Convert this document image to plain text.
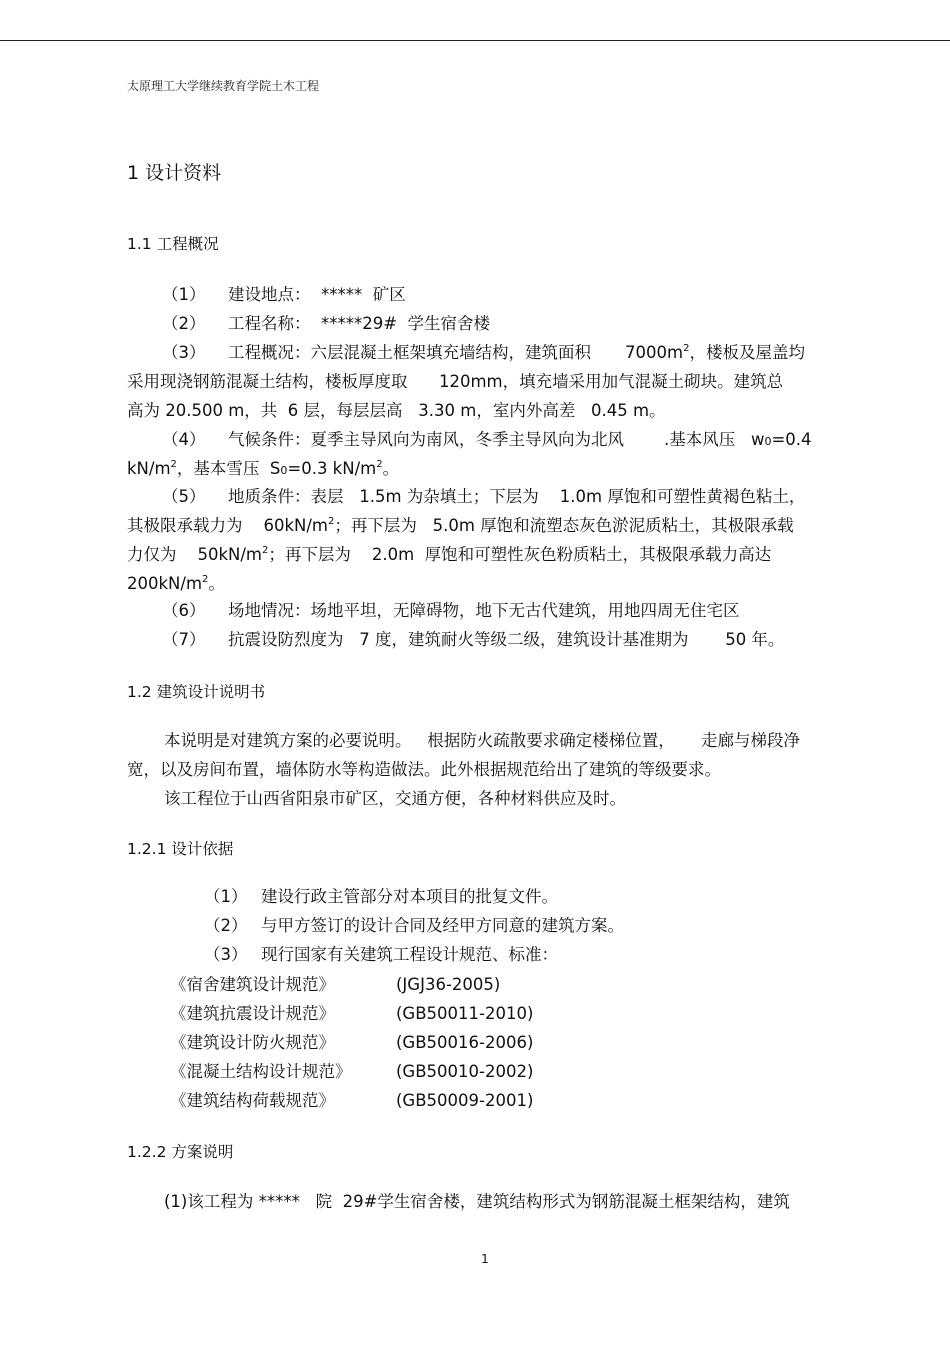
太原理工大学继续教育学院土木工程
1 设计资料
1.1 工程概况
（1） 建设地点：  *****  矿区
（2） 工程名称：  *****29#  学生宿舍楼
（3） 工程概况：六层混凝土框架填充墙结构，建筑面积 $7000m^2$，楼板及屋盖均
采用现浇钢筋混凝土结构，楼板厚度取      120mm，填充墙采用加气混凝土砌块。建筑总
高为 20.500 m，共  6 层，每层层高   3.30 m，室内外高差   0.45 m。
（4） 气候条件：夏季主导风向为南风，冬季主导风向为北风 .基本风压   w0=0.4
$kN/m^2$，基本雪压  S0=0.3 $kN/m^2$。
（5） 地质条件：表层   1.5m 为杂填土；下层为    1.0m 厚饱和可塑性黄褐色粘土，
其极限承载力为    $60kN/m^2$；再下层为   5.0m 厚饱和流塑态灰色淤泥质粘土，其极限承载
力仅为    $50kN/m^2$；再下层为    2.0m  厚饱和可塑性灰色粉质粘土，其极限承载力高达
$200kN/m^2$。
（6） 场地情况：场地平坦，无障碍物，地下无古代建筑，用地四周无住宅区
（7） 抗震设防烈度为   7 度，建筑耐火等级二级，建筑设计基准期为       50 年。
1.2 建筑设计说明书
本说明是对建筑方案的必要说明。   根据防火疏散要求确定楼梯位置，     走廊与梯段净
宽，以及房间布置，墙体防水等构造做法。此外根据规范给出了建筑的等级要求。
该工程位于山西省阳泉市矿区，交通方便，各种材料供应及时。
1.2.1 设计依据
（1） 建设行政主管部分对本项目的批复文件。
（2） 与甲方签订的设计合同及经甲方同意的建筑方案。
（3） 现行国家有关建筑工程设计规范、标准：
《宿舍建筑设计规范》	(JGJ36-2005)
《建筑抗震设计规范》	(GB50011-2010)
《建筑设计防火规范》	(GB50016-2006)
《混凝土结构设计规范》	(GB50010-2002)
《建筑结构荷载规范》	(GB50009-2001)
1.2.2 方案说明
(1)该工程为 *****   院  29#学生宿舍楼，建筑结构形式为钢筋混凝土框架结构，建筑
1
